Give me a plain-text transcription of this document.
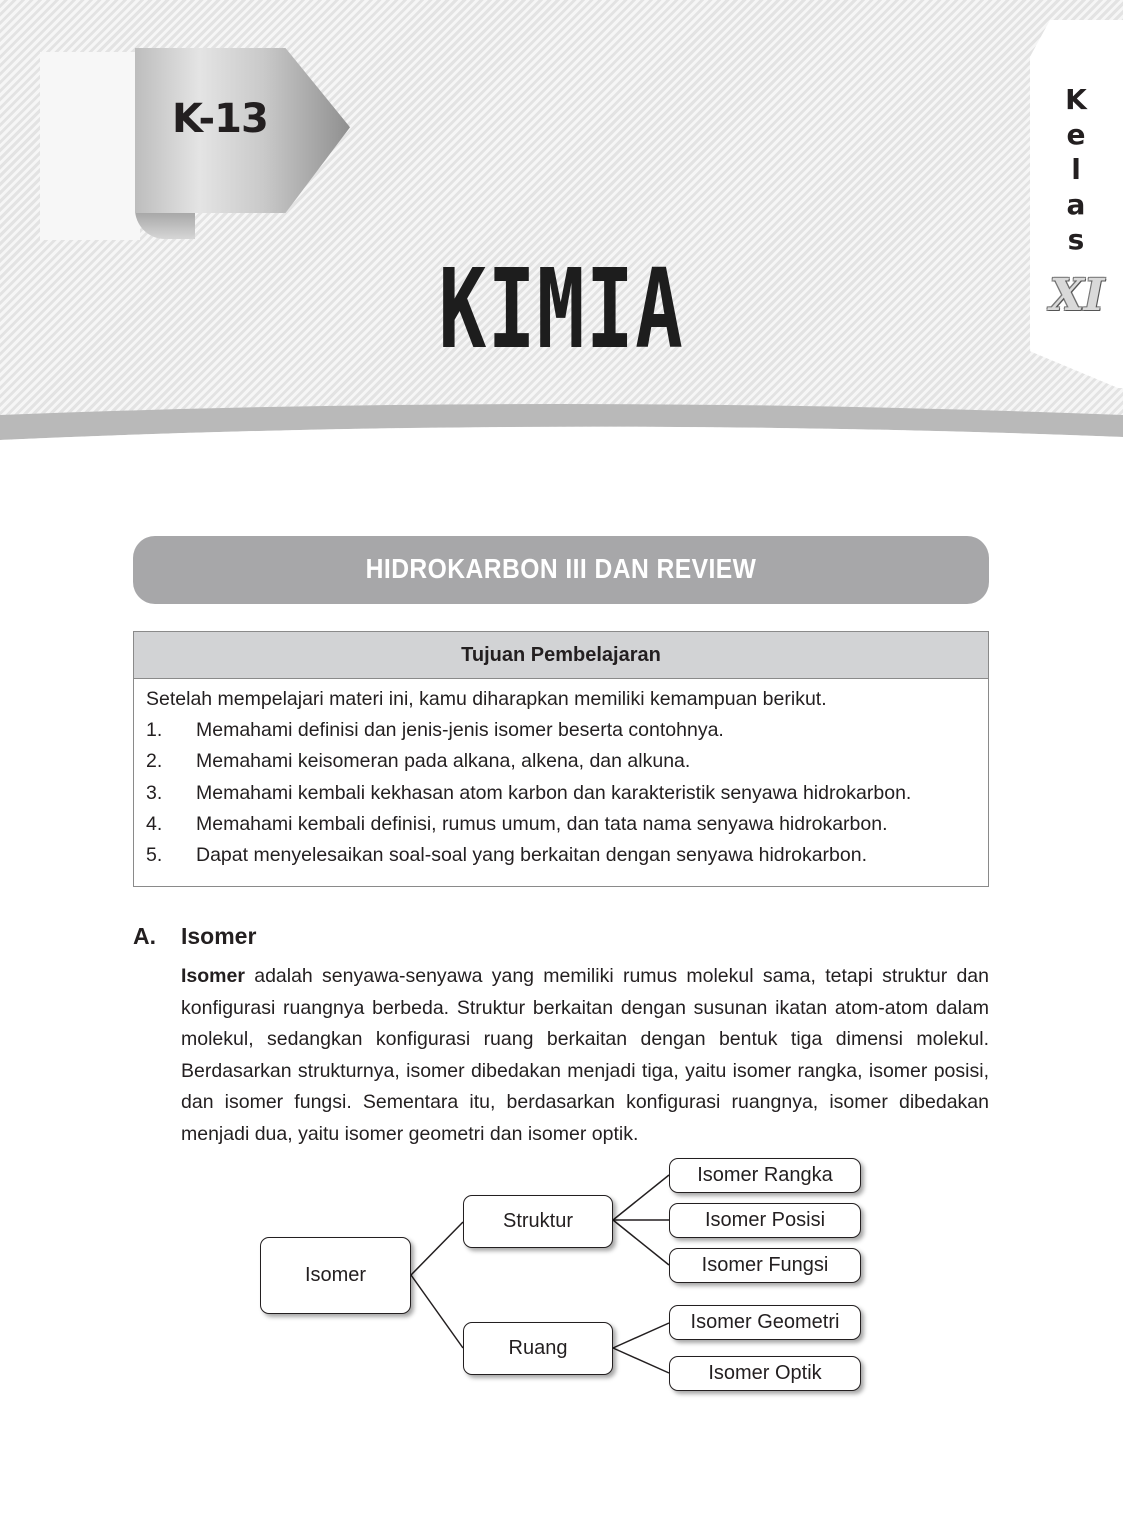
K-13
KIMIA
K
e
l
a
s
XI
HIDROKARBON III DAN REVIEW
Tujuan Pembelajaran
Setelah mempelajari materi ini, kamu diharapkan memiliki kemampuan berikut.
1.	Memahami definisi dan jenis-jenis isomer beserta contohnya.
2.	Memahami keisomeran pada alkana, alkena, dan alkuna.
3.	Memahami kembali kekhasan atom karbon dan karakteristik senyawa hidrokarbon.
4.	Memahami kembali definisi, rumus umum, dan tata nama senyawa hidrokarbon.
5.	Dapat menyelesaikan soal-soal yang berkaitan dengan senyawa hidrokarbon.
A. Isomer
Isomer adalah senyawa-senyawa yang memiliki rumus molekul sama, tetapi struktur dan konfigurasi ruangnya berbeda. Struktur berkaitan dengan susunan ikatan atom-atom dalam molekul, sedangkan konfigurasi ruang berkaitan dengan bentuk tiga dimensi molekul. Berdasarkan strukturnya, isomer dibedakan menjadi tiga, yaitu isomer rangka, isomer posisi, dan isomer fungsi. Sementara itu, berdasarkan konfigurasi ruangnya, isomer dibedakan menjadi dua, yaitu isomer geometri dan isomer optik.
Isomer
Struktur
Ruang
Isomer Rangka
Isomer Posisi
Isomer Fungsi
Isomer Geometri
Isomer Optik
